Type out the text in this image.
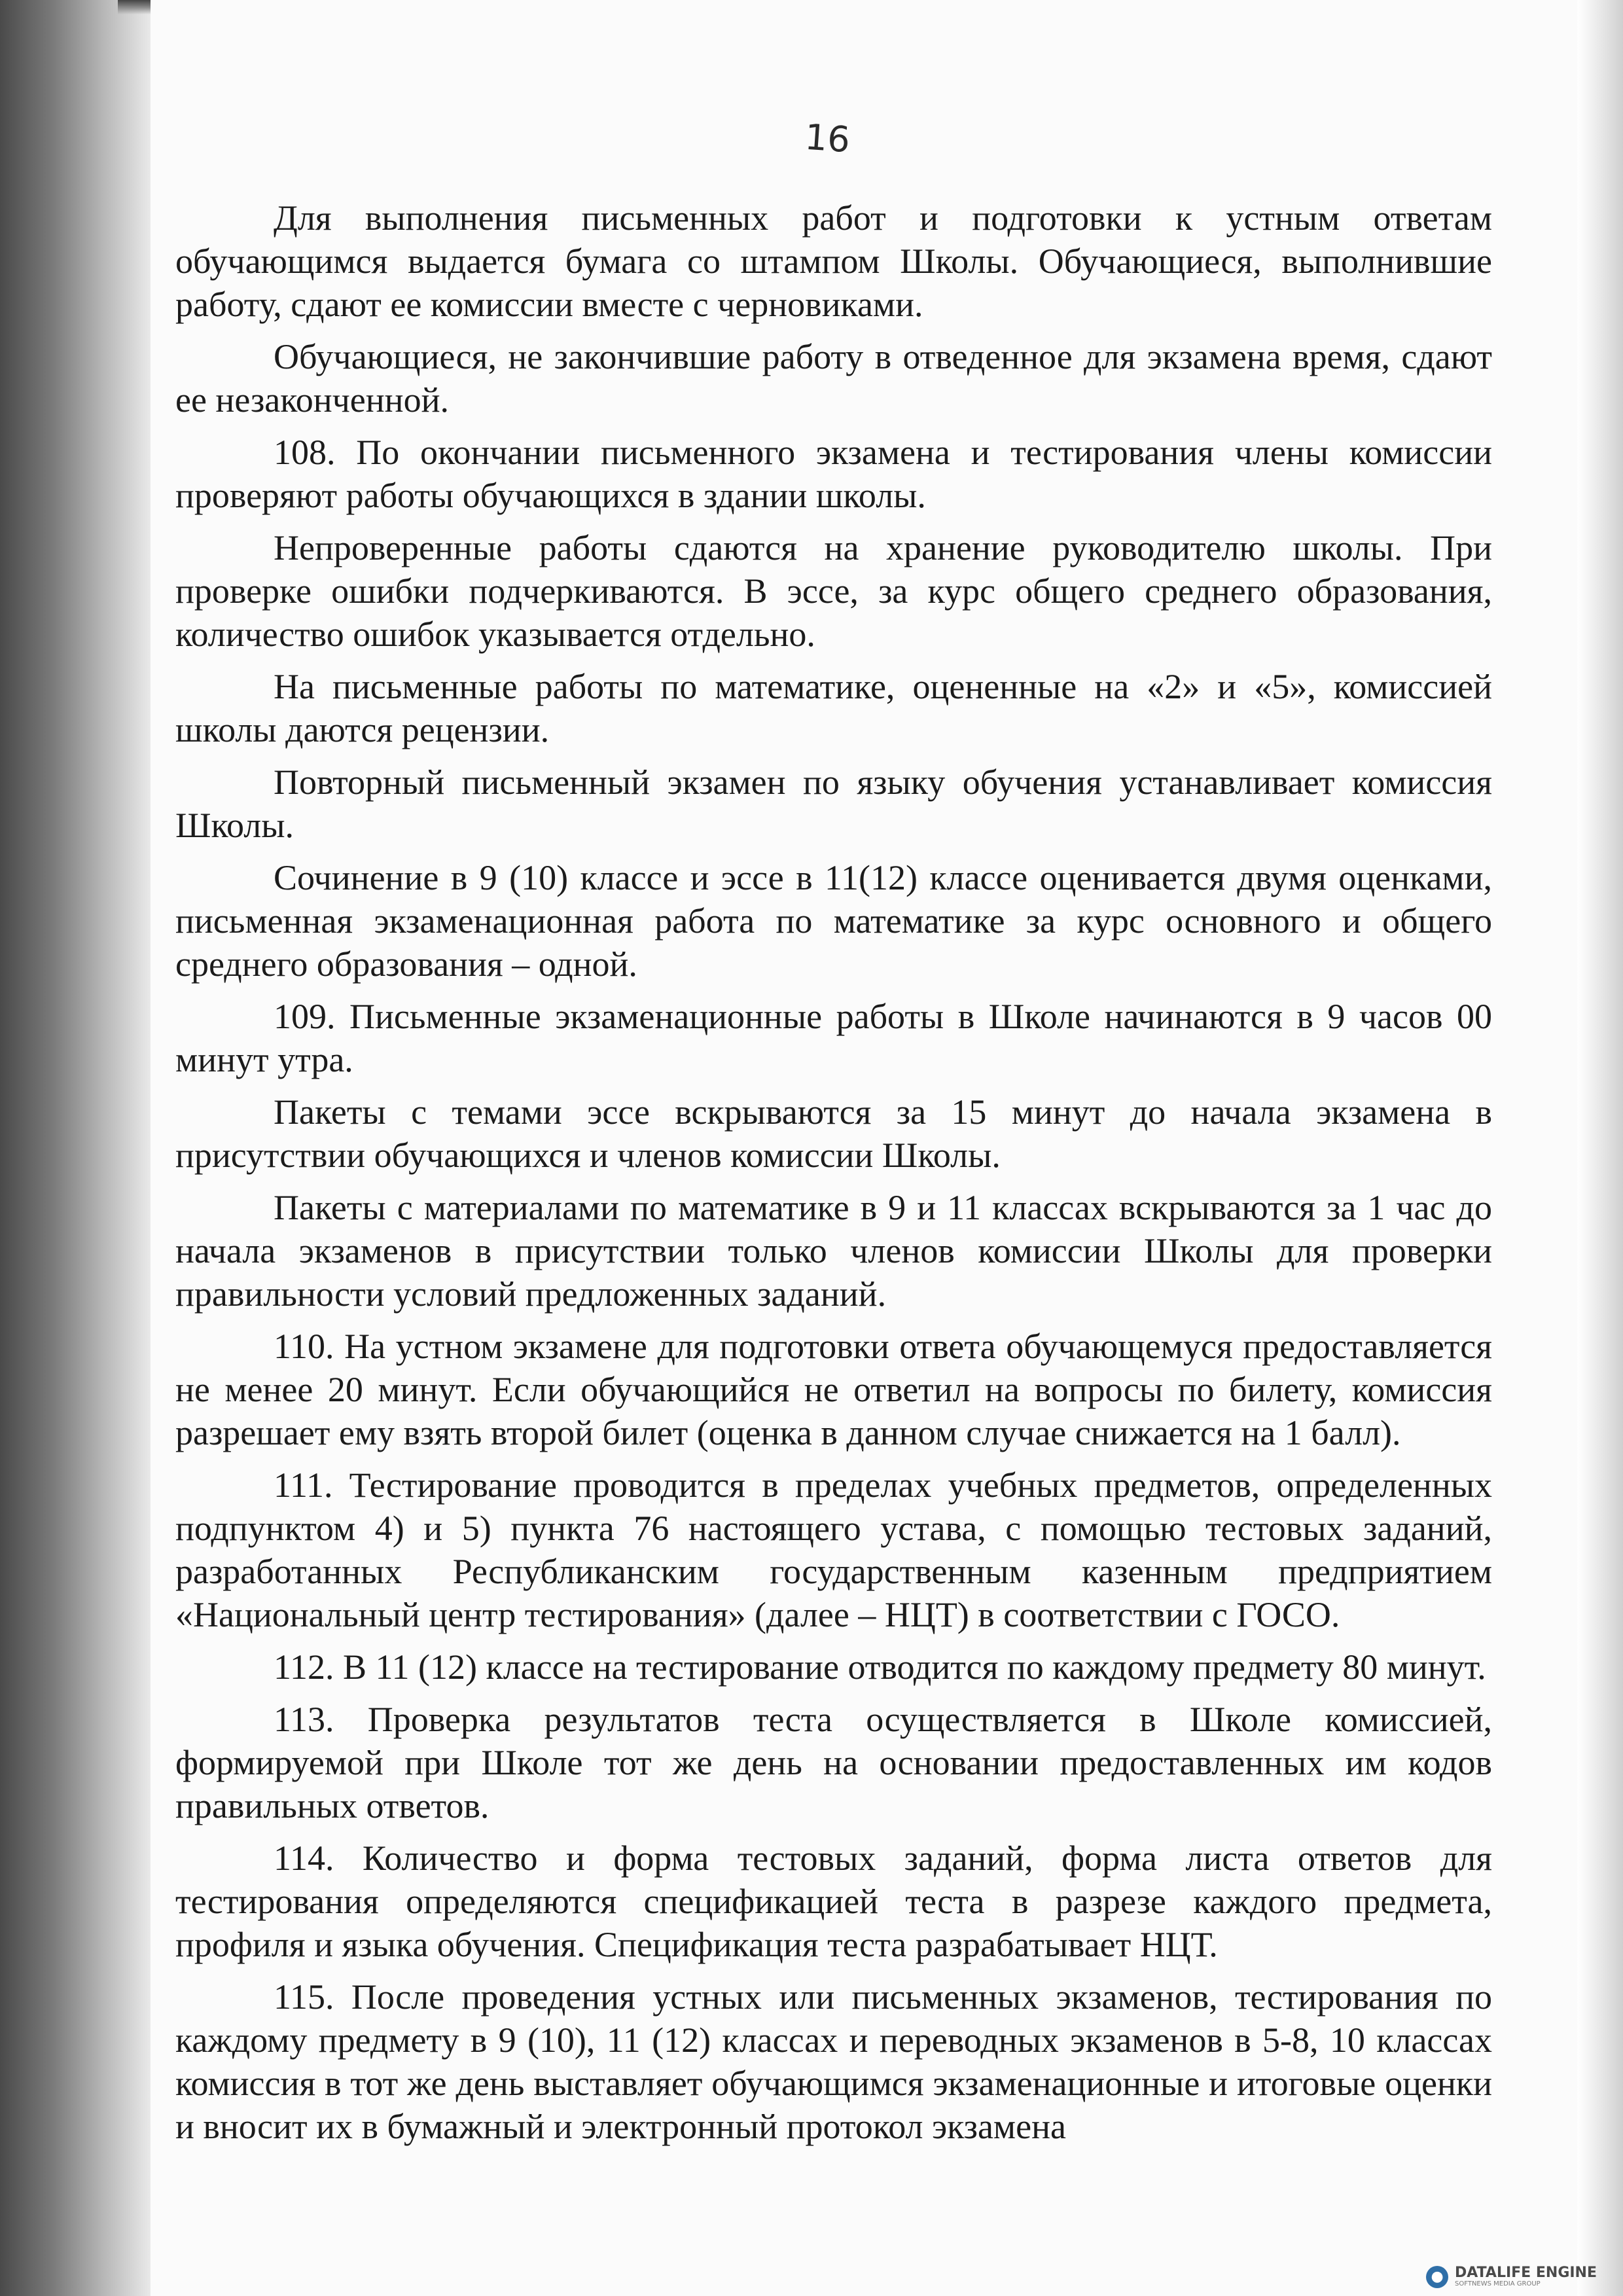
16

Для выполнения письменных работ и подготовки к устным ответам обучающимся выдается бумага со штампом Школы. Обучающиеся, выполнившие работу, сдают ее комиссии вместе с черновиками.

Обучающиеся, не закончившие работу в отведенное для экзамена время, сдают ее незаконченной.

108. По окончании письменного экзамена и тестирования члены комиссии проверяют работы обучающихся в здании школы.

Непроверенные работы сдаются на хранение руководителю школы. При проверке ошибки подчеркиваются. В эссе, за курс общего среднего образования, количество ошибок указывается отдельно.

На письменные работы по математике, оцененные на «2» и «5», комиссией школы даются рецензии.

Повторный письменный экзамен по языку обучения устанавливает комиссия Школы.

Сочинение в 9 (10) классе и эссе в 11(12) классе оценивается двумя оценками, письменная экзаменационная работа по математике за курс основного и общего среднего образования – одной.

109. Письменные экзаменационные работы в Школе начинаются в 9 часов 00 минут утра.

Пакеты с темами эссе вскрываются за 15 минут до начала экзамена в присутствии обучающихся и членов комиссии Школы.

Пакеты с материалами по математике в 9 и 11 классах вскрываются за 1 час до начала экзаменов в присутствии только членов комиссии Школы для проверки правильности условий предложенных заданий.

110. На устном экзамене для подготовки ответа обучающемуся предоставляется не менее 20 минут. Если обучающийся не ответил на вопросы по билету, комиссия разрешает ему взять второй билет (оценка в данном случае снижается на 1 балл).

111. Тестирование проводится в пределах учебных предметов, определенных подпунктом 4) и 5) пункта 76 настоящего устава, с помощью тестовых заданий, разработанных Республиканским государственным казенным предприятием «Национальный центр тестирования» (далее – НЦТ) в соответствии с ГОСО.

112. В 11 (12) классе на тестирование отводится по каждому предмету 80 минут.

113. Проверка результатов теста осуществляется в Школе комиссией, формируемой при Школе тот же день на основании предоставленных им кодов правильных ответов.

114. Количество и форма тестовых заданий, форма листа ответов для тестирования определяются спецификацией теста в разрезе каждого предмета, профиля и языка обучения. Спецификация теста разрабатывает НЦТ.

115. После проведения устных или письменных экзаменов, тестирования по каждому предмету в 9 (10), 11 (12) классах и переводных экзаменов в 5-8, 10 классах комиссия в тот же день выставляет обучающимся экзаменационные и итоговые оценки и вносит их в бумажный и электронный протокол экзамена

● DATALIFE ENGINE
SOFTNEWS MEDIA GROUP
